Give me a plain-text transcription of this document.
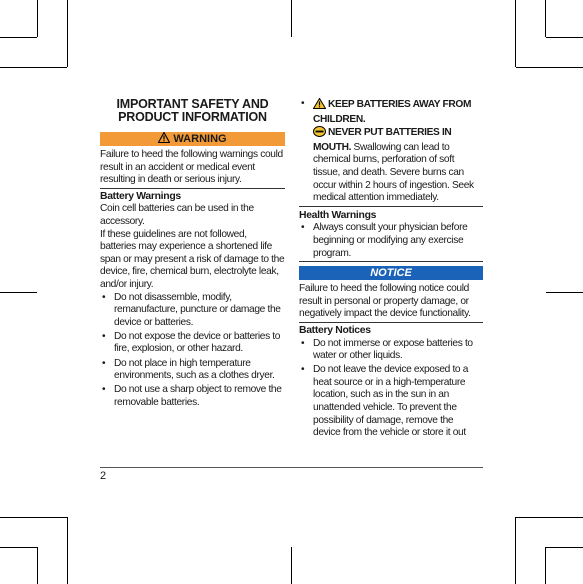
IMPORTANT SAFETY AND
PRODUCT INFORMATION
WARNING

Failure to heed the following warnings could result in an accident or medical event resulting in death or serious injury.

Battery Warnings

Coin cell batteries can be used in the accessory.

If these guidelines are not followed, batteries may experience a shortened life span or may present a risk of damage to the device, fire, chemical burn, electrolyte leak, and/or injury.

• Do not disassemble, modify, remanufacture, puncture or damage the device or batteries.
• Do not expose the device or batteries to fire, explosion, or other hazard.
• Do not place in high temperature environments, such as a clothes dryer.
• Do not use a sharp object to remove the removable batteries.
•	KEEP BATTERIES AWAY FROM CHILDREN.
NEVER PUT BATTERIES IN MOUTH. Swallowing can lead to chemical burns, perforation of soft tissue, and death. Severe burns can occur within 2 hours of ingestion. Seek medical attention immediately.
Health Warnings
• Always consult your physician before beginning or modifying any exercise program.
NOTICE

Failure to heed the following notice could result in personal or property damage, or negatively impact the device functionality.

Battery Notices
• Do not immerse or expose batteries to water or other liquids.
• Do not leave the device exposed to a heat source or in a high-temperature location, such as in the sun in an unattended vehicle. To prevent the possibility of damage, remove the device from the vehicle or store it out
2
